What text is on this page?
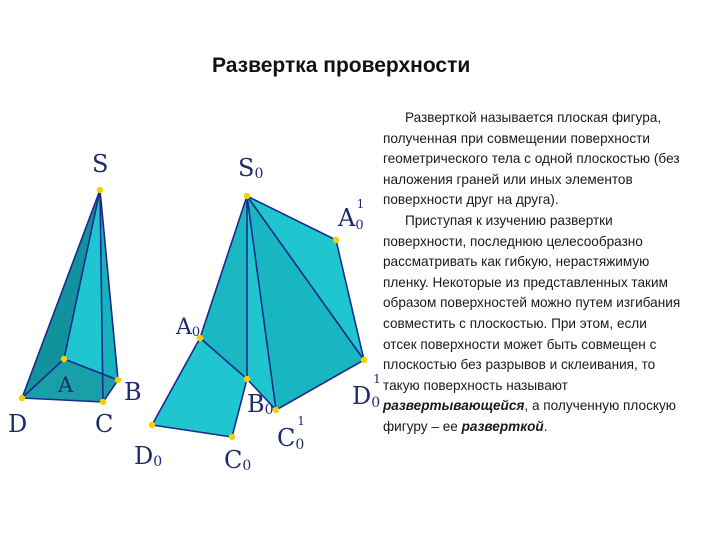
Развертка проверхности
S
A B
C
D
S0
A0
A01
B0
C01
D01
C0
D0

Разверткой называется плоская фигура, полученная при совмещении поверхности геометрического тела с одной плоскостью (без наложения граней или иных элементов поверхности друг на друга).

Приступая к изучению развертки поверхности, последнюю целесообразно рассматривать как гибкую, нерастяжимую пленку. Некоторые из представленных таким образом поверхностей можно путем изгибания совместить с плоскостью. При этом, если отсек поверхности может быть совмещен с плоскостью без разрывов и склеивания, то такую поверхность называют развертывающейся, а полученную плоскую фигуру – ее разверткой.
